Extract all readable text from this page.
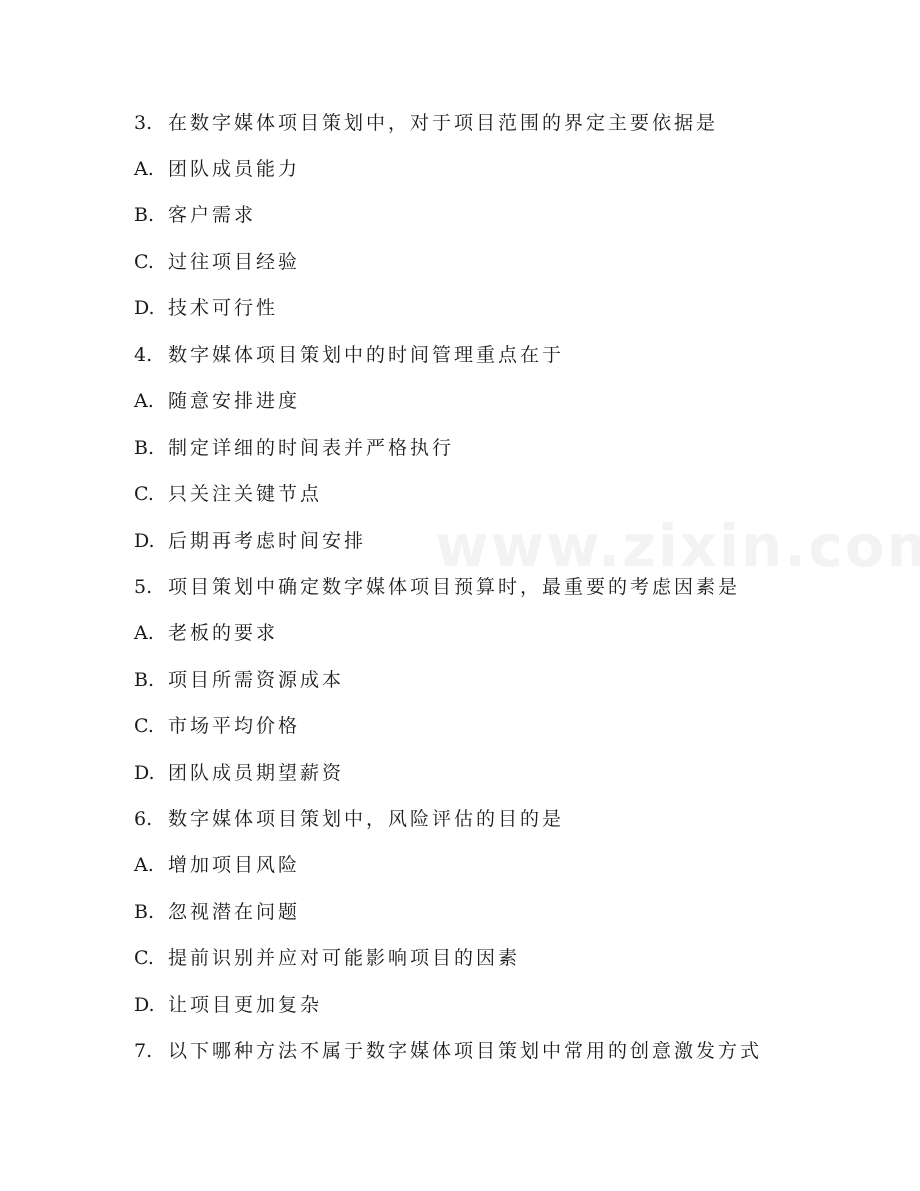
3. 在数字媒体项目策划中，对于项目范围的界定主要依据是
A. 团队成员能力
B. 客户需求
C. 过往项目经验
D. 技术可行性
4. 数字媒体项目策划中的时间管理重点在于
A. 随意安排进度
B. 制定详细的时间表并严格执行
C. 只关注关键节点
D. 后期再考虑时间安排
5. 项目策划中确定数字媒体项目预算时，最重要的考虑因素是
A. 老板的要求
B. 项目所需资源成本
C. 市场平均价格
D. 团队成员期望薪资
6. 数字媒体项目策划中，风险评估的目的是
A. 增加项目风险
B. 忽视潜在问题
C. 提前识别并应对可能影响项目的因素
D. 让项目更加复杂
7. 以下哪种方法不属于数字媒体项目策划中常用的创意激发方式
